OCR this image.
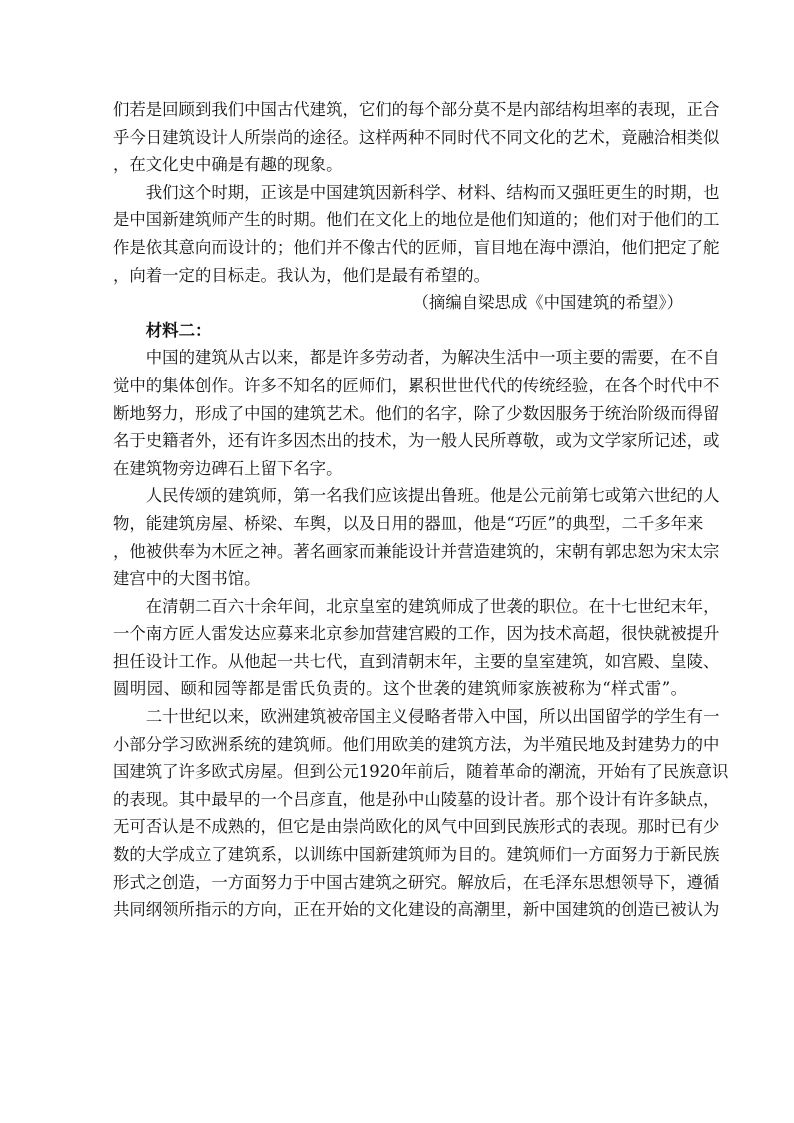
们若是回顾到我们中国古代建筑，它们的每个部分莫不是内部结构坦率的表现，正合
乎今日建筑设计人所崇尚的途径。这样两种不同时代不同文化的艺术，竟融洽相类似
，在文化史中确是有趣的现象。
我们这个时期，正该是中国建筑因新科学、材料、结构而又强旺更生的时期，也
是中国新建筑师产生的时期。他们在文化上的地位是他们知道的；他们对于他们的工
作是依其意向而设计的；他们并不像古代的匠师，盲目地在海中漂泊，他们把定了舵
，向着一定的目标走。我认为，他们是最有希望的。
（摘编自梁思成《中国建筑的希望》）
材料二：
中国的建筑从古以来，都是许多劳动者，为解决生活中一项主要的需要，在不自
觉中的集体创作。许多不知名的匠师们，累积世世代代的传统经验，在各个时代中不
断地努力，形成了中国的建筑艺术。他们的名字，除了少数因服务于统治阶级而得留
名于史籍者外，还有许多因杰出的技术，为一般人民所尊敬，或为文学家所记述，或
在建筑物旁边碑石上留下名字。
人民传颂的建筑师，第一名我们应该提出鲁班。他是公元前第七或第六世纪的人
物，能建筑房屋、桥梁、车舆，以及日用的器皿，他是“巧匠”的典型，二千多年来
，他被供奉为木匠之神。著名画家而兼能设计并营造建筑的，宋朝有郭忠恕为宋太宗
建宫中的大图书馆。
在清朝二百六十余年间，北京皇室的建筑师成了世袭的职位。在十七世纪末年，
一个南方匠人雷发达应募来北京参加营建宫殿的工作，因为技术高超，很快就被提升
担任设计工作。从他起一共七代，直到清朝末年，主要的皇室建筑，如宫殿、皇陵、
圆明园、颐和园等都是雷氏负责的。这个世袭的建筑师家族被称为“样式雷”。
二十世纪以来，欧洲建筑被帝国主义侵略者带入中国，所以出国留学的学生有一
小部分学习欧洲系统的建筑师。他们用欧美的建筑方法，为半殖民地及封建势力的中
国建筑了许多欧式房屋。但到公元1920年前后，随着革命的潮流，开始有了民族意识
的表现。其中最早的一个吕彦直，他是孙中山陵墓的设计者。那个设计有许多缺点，
无可否认是不成熟的，但它是由崇尚欧化的风气中回到民族形式的表现。那时已有少
数的大学成立了建筑系，以训练中国新建筑师为目的。建筑师们一方面努力于新民族
形式之创造，一方面努力于中国古建筑之研究。解放后，在毛泽东思想领导下，遵循
共同纲领所指示的方向，正在开始的文化建设的高潮里，新中国建筑的创造已被认为
